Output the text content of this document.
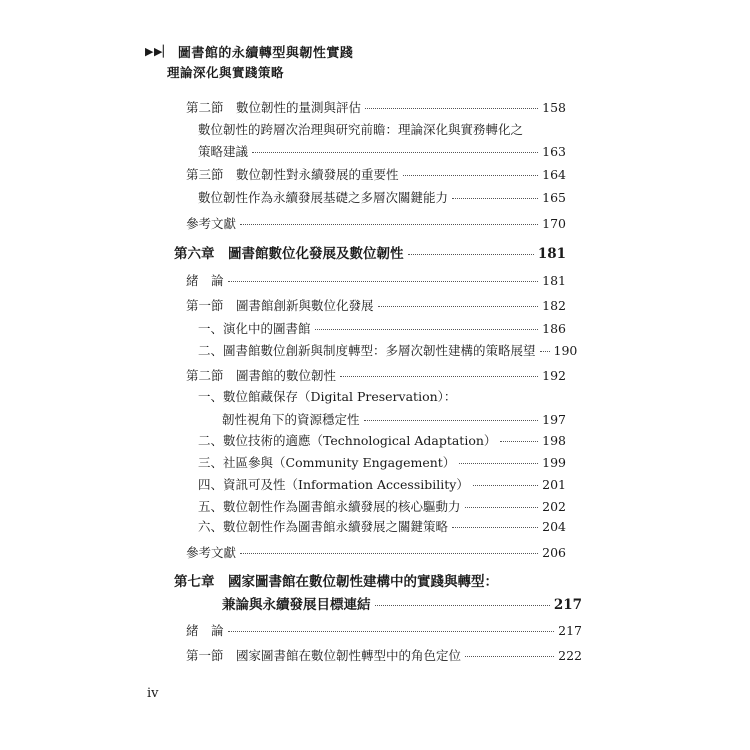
▶▶▏ 圖書館的永續轉型與韌性實踐
理論深化與實踐策略
第二節　數位韌性的量測與評估	158
數位韌性的跨層次治理與研究前瞻：理論深化與實務轉化之
策略建議	163
第三節　數位韌性對永續發展的重要性	164
數位韌性作為永續發展基礎之多層次關鍵能力	165
參考文獻	170
第六章　圖書館數位化發展及數位韌性	181
緒　論	181
第一節　圖書館創新與數位化發展	182
一、演化中的圖書館	186
二、圖書館數位創新與制度轉型：多層次韌性建構的策略展望 190
第二節　圖書館的數位韌性	192
一、數位館藏保存（Digital Preservation）：
韌性視角下的資源穩定性	197
二、數位技術的適應（Technological Adaptation）	198
三、社區參與（Community Engagement）	199
四、資訊可及性（Information Accessibility）	201
五、數位韌性作為圖書館永續發展的核心驅動力	202
六、數位韌性作為圖書館永續發展之關鍵策略	204
參考文獻	206
第七章　國家圖書館在數位韌性建構中的實踐與轉型：
兼論與永續發展目標連結	217
緒　論	217
第一節　國家圖書館在數位韌性轉型中的角色定位	222
iv
